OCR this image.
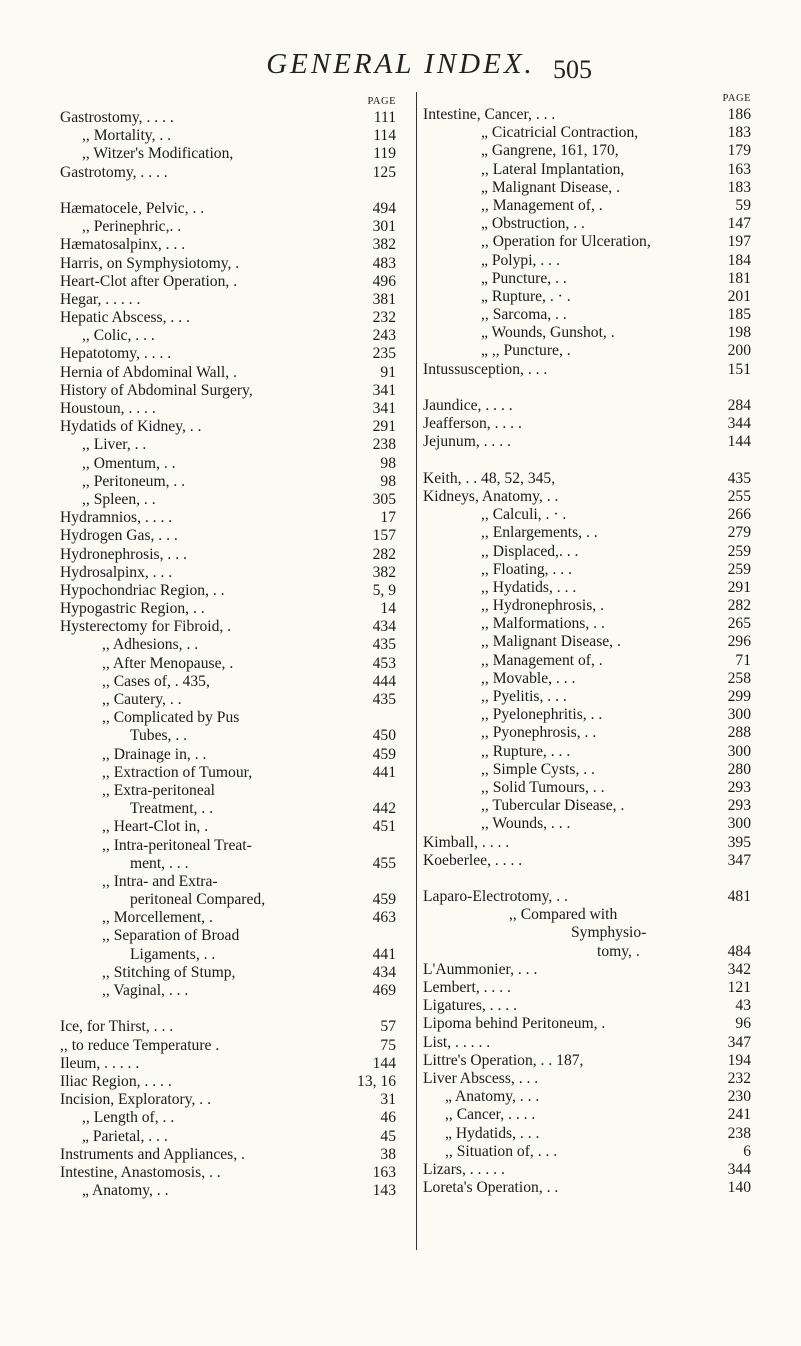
GENERAL INDEX. 505
PAGE
Gastrostomy, . . . .	111
,, Mortality, . .	114
,, Witzer's Modification,	119
Gastrotomy, . . . .	125
Hæmatocele, Pelvic, . .	494
,, Perinephric,. .	301
Hæmatosalpinx, . . .	382
Harris, on Symphysiotomy, .	483
Heart-Clot after Operation, .	496
Hegar, . . . . .	381
Hepatic Abscess, . . .	232
,, Colic, . . .	243
Hepatotomy, . . . .	235
Hernia of Abdominal Wall, .	91
History of Abdominal Surgery,	341
Houstoun, . . . .	341
Hydatids of Kidney, . .	291
,, Liver, . .	238
,, Omentum, . .	98
,, Peritoneum, . .	98
,, Spleen, . .	305
Hydramnios, . . . .	17
Hydrogen Gas, . . .	157
Hydronephrosis, . . .	282
Hydrosalpinx, . . .	382
Hypochondriac Region, . .	5, 9
Hypogastric Region, . .	14
Hysterectomy for Fibroid, .	434
,, Adhesions, . .	435
,, After Menopause, .	453
,, Cases of, . 435,	444
,, Cautery, . .	435
,, Complicated by Pus
Tubes, . .	450
,, Drainage in, . .	459
,, Extraction of Tumour,	441
,, Extra-peritoneal
Treatment, . .	442
,, Heart-Clot in, .	451
,, Intra-peritoneal Treat-
ment, . . .	455
,, Intra- and Extra-
peritoneal Compared,	459
,, Morcellement, .	463
,, Separation of Broad
Ligaments, . .	441
,, Stitching of Stump,	434
,, Vaginal, . . .	469
Ice, for Thirst, . . .	57
,, to reduce Temperature .	75
Ileum, . . . . .	144
Iliac Region, . . . .	13, 16
Incision, Exploratory, . .	31
,, Length of, . .	46
„ Parietal, . . .	45
Instruments and Appliances, .	38
Intestine, Anastomosis, . .	163
„ Anatomy, . .	143
PAGE
Intestine, Cancer, . . .	186
„ Cicatricial Contraction,	183
„ Gangrene, 161, 170,	179
,, Lateral Implantation,	163
„ Malignant Disease, .	183
,, Management of, .	59
„ Obstruction, . .	147
,, Operation for Ulceration,	197
„ Polypi, . . .	184
„ Puncture, . .	181
„ Rupture, . · .	201
,, Sarcoma, . .	185
„ Wounds, Gunshot, .	198
„ ,, Puncture, .	200
Intussusception, . . .	151
Jaundice, . . . .	284
Jeafferson, . . . .	344
Jejunum, . . . .	144
Keith, . . 48, 52, 345,	435
Kidneys, Anatomy, . .	255
,, Calculi, . · .	266
,, Enlargements, . .	279
,, Displaced,. . .	259
,, Floating, . . .	259
,, Hydatids, . . .	291
,, Hydronephrosis, .	282
,, Malformations, . .	265
,, Malignant Disease, .	296
,, Management of, .	71
,, Movable, . . .	258
,, Pyelitis, . . .	299
,, Pyelonephritis, . .	300
,, Pyonephrosis, . .	288
,, Rupture, . . .	300
,, Simple Cysts, . .	280
,, Solid Tumours, . .	293
,, Tubercular Disease, .	293
,, Wounds, . . .	300
Kimball, . . . .	395
Koeberlee, . . . .	347
Laparo-Electrotomy, . .	481
,, Compared with
Symphysio-
tomy, .	484
L'Aummonier, . . .	342
Lembert, . . . .	121
Ligatures, . . . .	43
Lipoma behind Peritoneum, .	96
List, . . . . .	347
Littre's Operation, . . 187,	194
Liver Abscess, . . .	232
„ Anatomy, . . .	230
,, Cancer, . . . .	241
„ Hydatids, . . .	238
,, Situation of, . . .	6
Lizars, . . . . .	344
Loreta's Operation, . .	140
